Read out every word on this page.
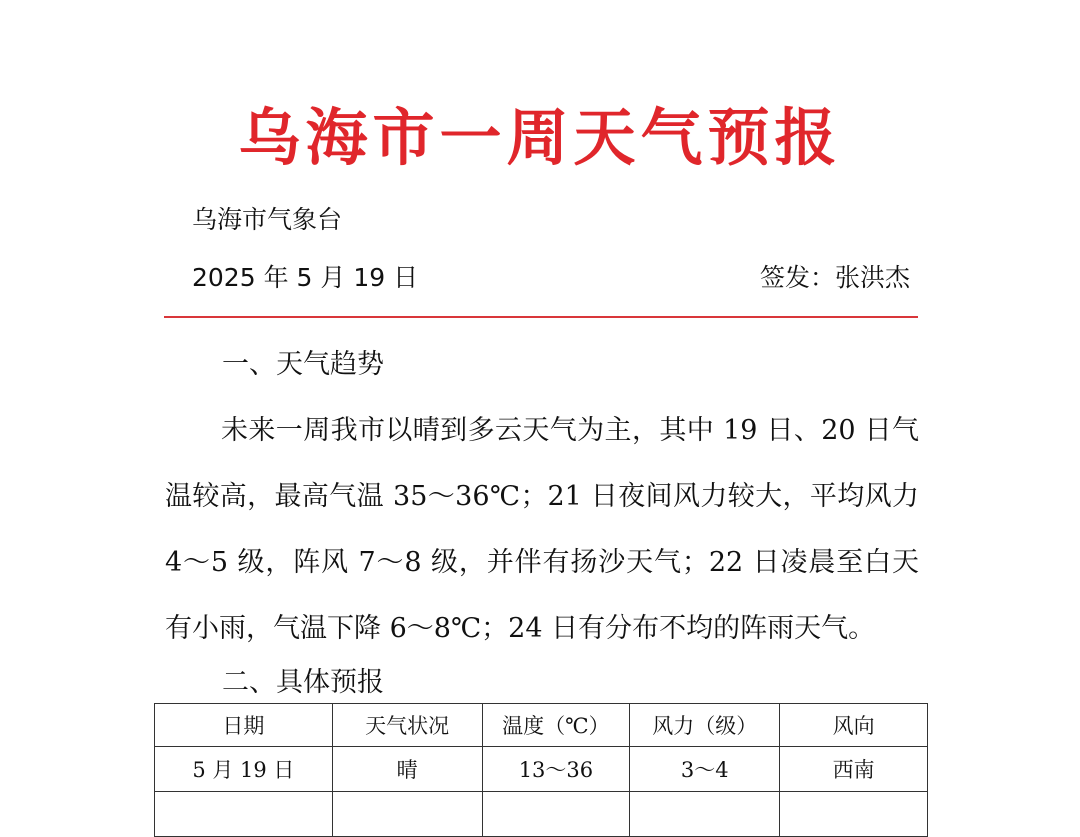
乌海市一周天气预报
乌海市气象台
2025 年 5 月 19 日	签发：张洪杰
一、天气趋势
未来一周我市以晴到多云天气为主，其中 19 日、20 日气温较高，最高气温 35～36℃；21 日夜间风力较大，平均风力 4～5 级，阵风 7～8 级，并伴有扬沙天气；22 日凌晨至白天有小雨，气温下降 6～8℃；24 日有分布不均的阵雨天气。
二、具体预报
日期	天气状况	温度（℃）	风力（级）	风向
5 月 19 日	晴	13～36	3～4	西南
